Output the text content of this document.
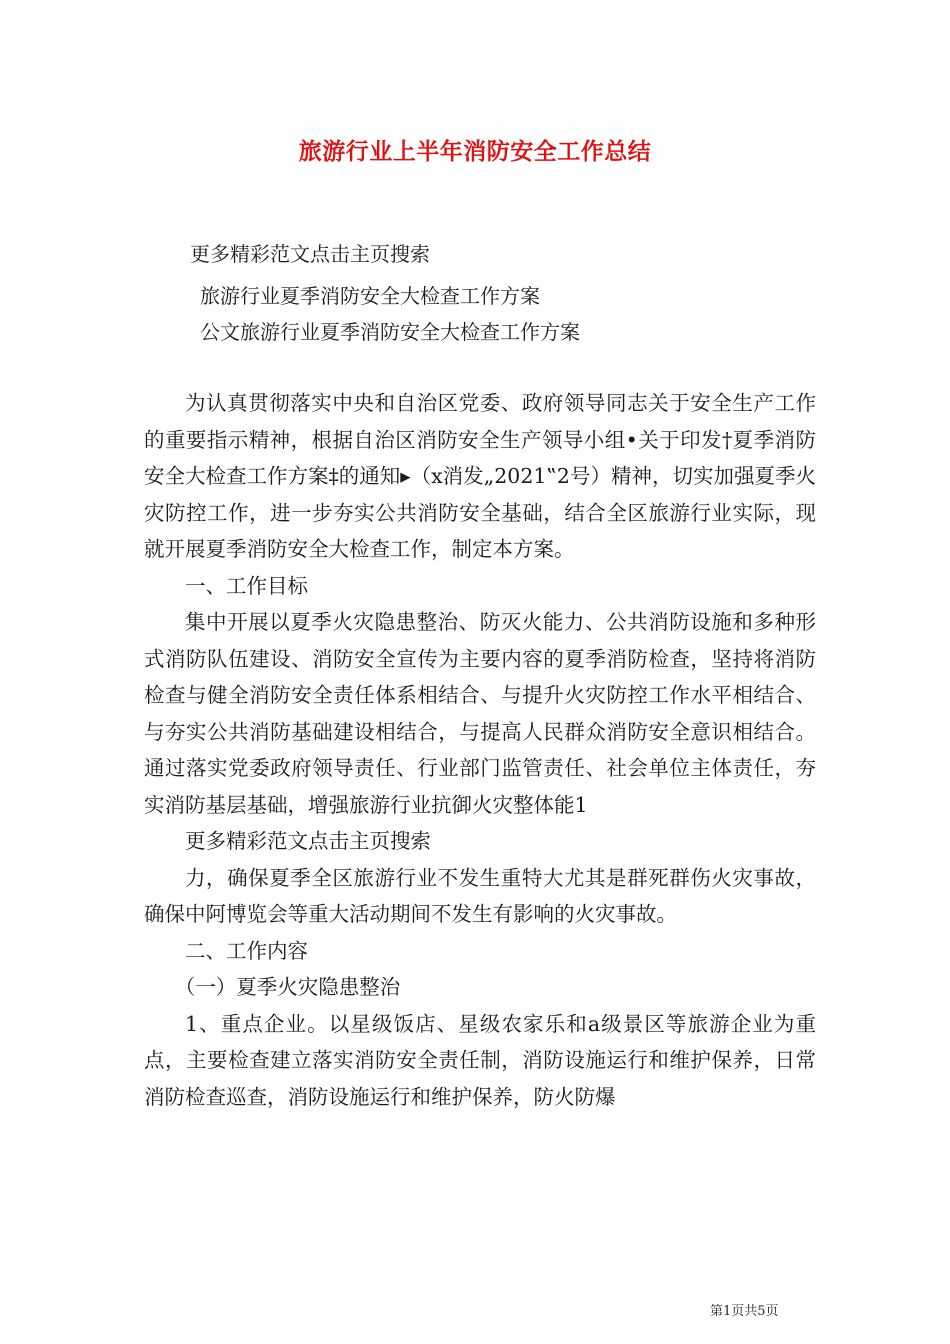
旅游行业上半年消防安全工作总结
更多精彩范文点击主页搜索
旅游行业夏季消防安全大检查工作方案
公文旅游行业夏季消防安全大检查工作方案

为认真贯彻落实中央和自治区党委、政府领导同志关于安全生产工作的重要指示精神，根据自治区消防安全生产领导小组•关于印发†夏季消防安全大检查工作方案‡的通知▸（x消发„2021‟2号）精神，切实加强夏季火灾防控工作，进一步夯实公共消防安全基础，结合全区旅游行业实际，现就开展夏季消防安全大检查工作，制定本方案。

一、工作目标

集中开展以夏季火灾隐患整治、防灭火能力、公共消防设施和多种形式消防队伍建设、消防安全宣传为主要内容的夏季消防检查，坚持将消防检查与健全消防安全责任体系相结合、与提升火灾防控工作水平相结合、与夯实公共消防基础建设相结合，与提高人民群众消防安全意识相结合。通过落实党委政府领导责任、行业部门监管责任、社会单位主体责任，夯实消防基层基础，增强旅游行业抗御火灾整体能1

更多精彩范文点击主页搜索

力，确保夏季全区旅游行业不发生重特大尤其是群死群伤火灾事故，确保中阿博览会等重大活动期间不发生有影响的火灾事故。

二、工作内容

（一）夏季火灾隐患整治

1、重点企业。以星级饭店、星级农家乐和a级景区等旅游企业为重点，主要检查建立落实消防安全责任制，消防设施运行和维护保养，日常消防检查巡查，消防设施运行和维护保养，防火防爆

第1页共5页
